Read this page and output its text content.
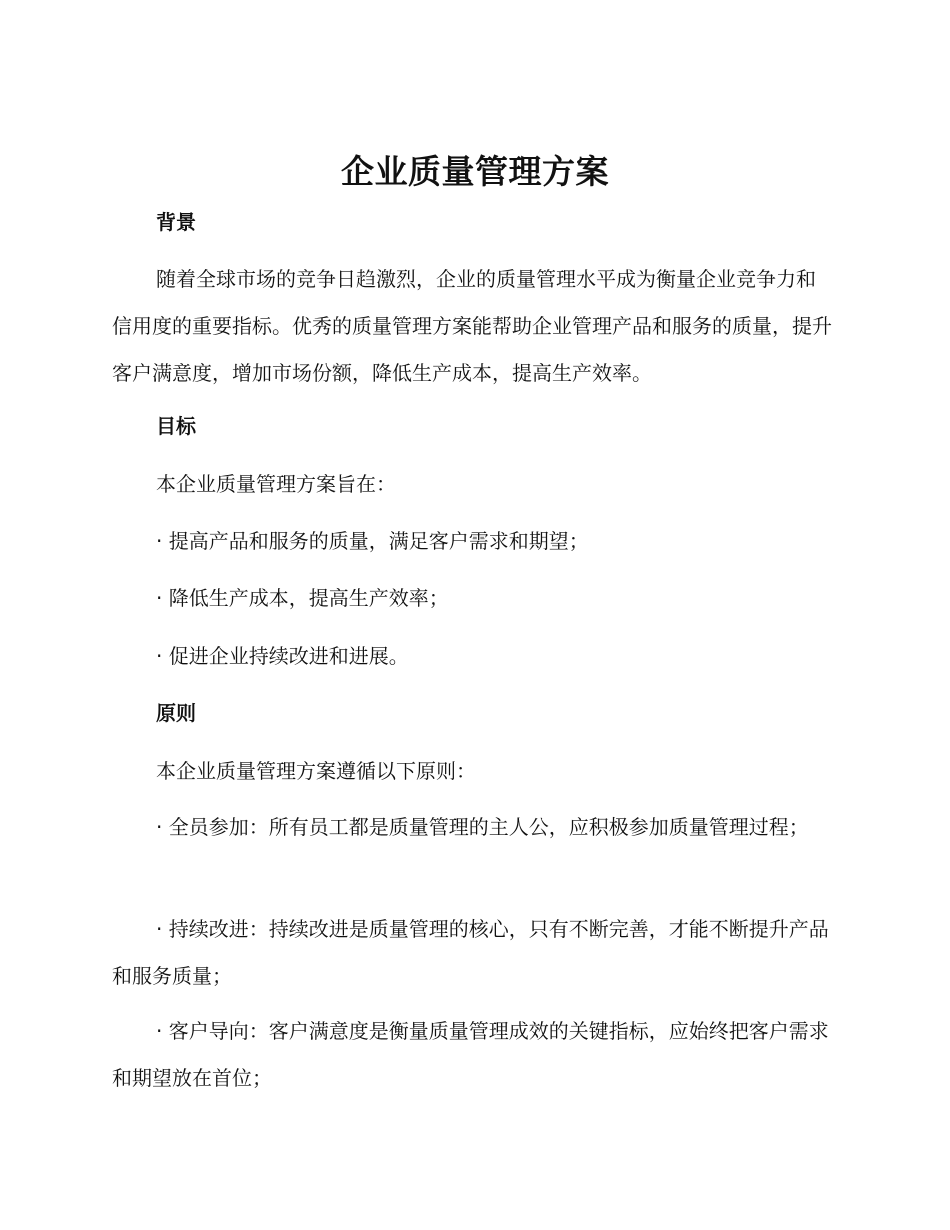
企业质量管理方案
背景

随着全球市场的竞争日趋激烈，企业的质量管理水平成为衡量企业竞争力和信用度的重要指标。优秀的质量管理方案能帮助企业管理产品和服务的质量，提升客户满意度，增加市场份额，降低生产成本，提高生产效率。

目标
本企业质量管理方案旨在：
· 提高产品和服务的质量，满足客户需求和期望；
· 降低生产成本，提高生产效率；
· 促进企业持续改进和进展。
原则
本企业质量管理方案遵循以下原则：

· 全员参加：所有员工都是质量管理的主人公，应积极参加质量管理过程；

· 持续改进：持续改进是质量管理的核心，只有不断完善，才能不断提升产品和服务质量；

· 客户导向：客户满意度是衡量质量管理成效的关键指标，应始终把客户需求和期望放在首位；
